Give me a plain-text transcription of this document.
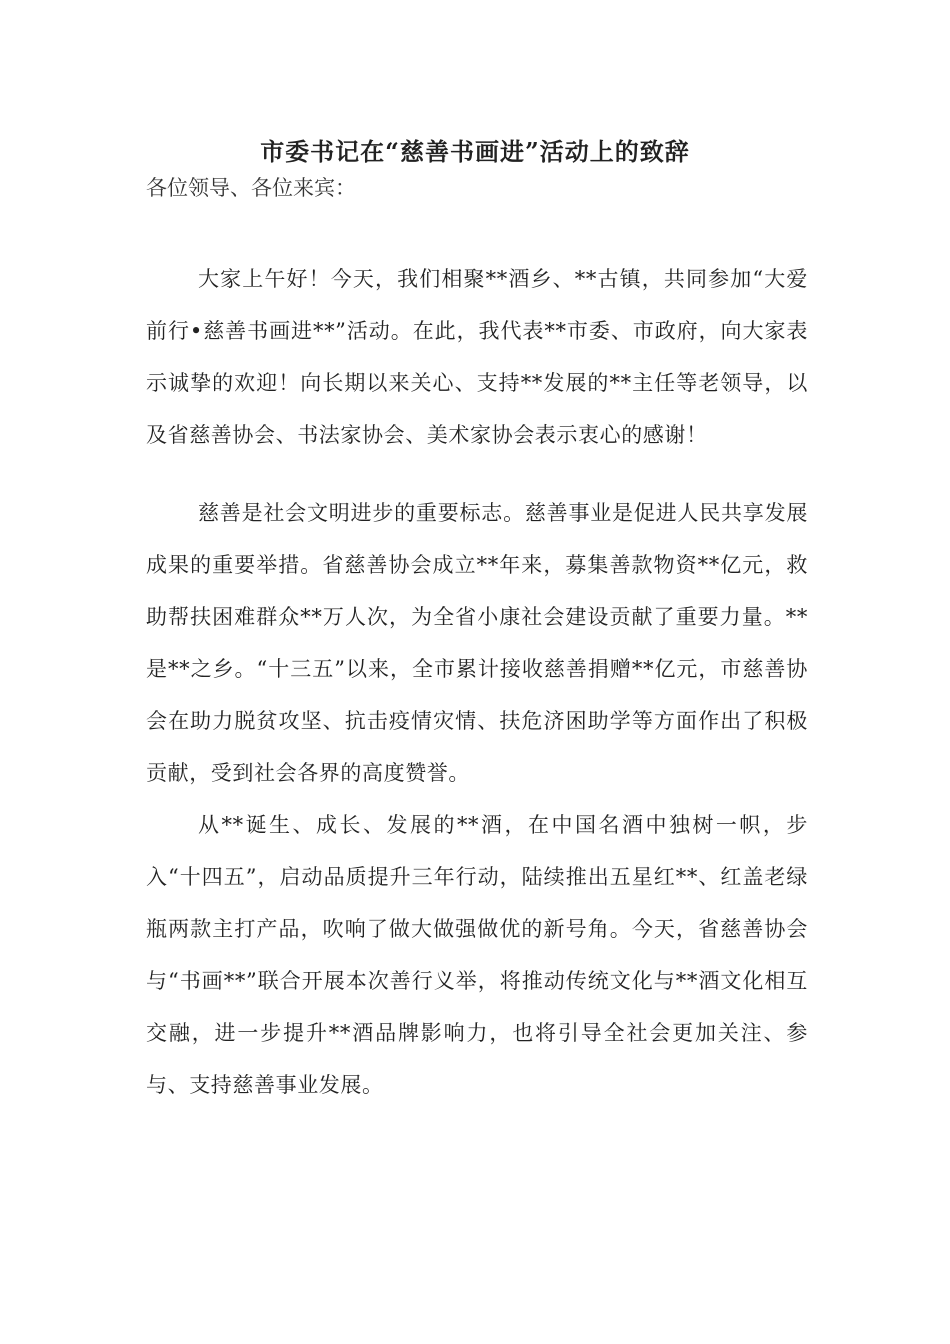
市委书记在“慈善书画进”活动上的致辞
各位领导、各位来宾：

大家上午好！今天，我们相聚**酒乡、**古镇，共同参加“大爱前行•慈善书画进**”活动。在此，我代表**市委、市政府，向大家表示诚挚的欢迎！向长期以来关心、支持**发展的**主任等老领导，以及省慈善协会、书法家协会、美术家协会表示衷心的感谢！

慈善是社会文明进步的重要标志。慈善事业是促进人民共享发展成果的重要举措。省慈善协会成立**年来，募集善款物资**亿元，救助帮扶困难群众**万人次，为全省小康社会建设贡献了重要力量。**是**之乡。“十三五”以来，全市累计接收慈善捐赠**亿元，市慈善协会在助力脱贫攻坚、抗击疫情灾情、扶危济困助学等方面作出了积极贡献，受到社会各界的高度赞誉。

从**诞生、成长、发展的**酒，在中国名酒中独树一帜，步入“十四五”，启动品质提升三年行动，陆续推出五星红**、红盖老绿瓶两款主打产品，吹响了做大做强做优的新号角。今天，省慈善协会与“书画**”联合开展本次善行义举，将推动传统文化与**酒文化相互交融，进一步提升**酒品牌影响力，也将引导全社会更加关注、参与、支持慈善事业发展。
